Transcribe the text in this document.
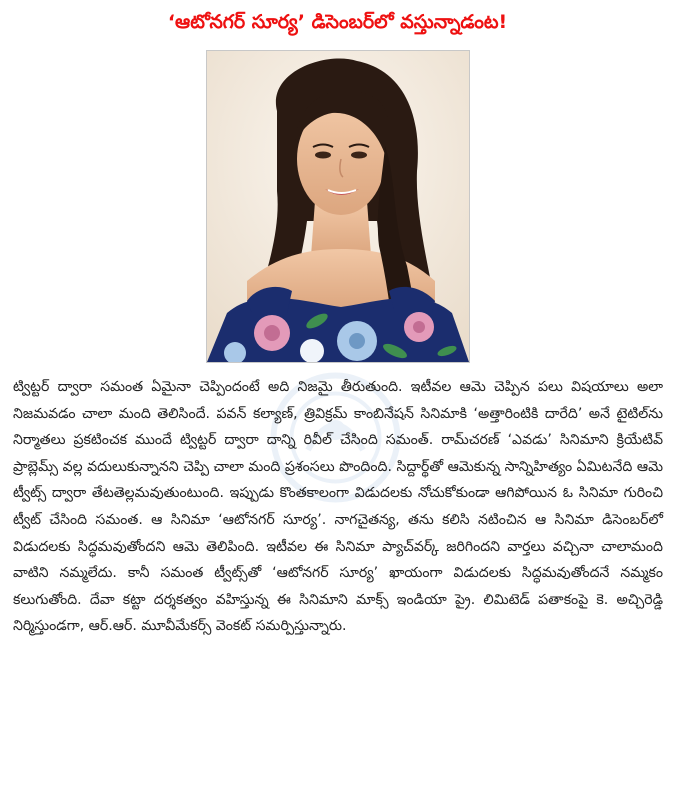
‘ఆటోనగర్ సూర్య’ డిసెంబర్‌లో వస్తున్నాడంట!

ట్విట్టర్ ద్వారా సమంత ఏమైనా చెప్పిందంటే అది నిజమై తీరుతుంది. ఇటీవల ఆమె చెప్పిన పలు విషయాలు అలా నిజమవడం చాలా మంది తెలిసిందే. పవన్ కల్యాణ్, త్రివిక్రమ్ కాంబినేషన్ సినిమాకి ‘అత్తారింటికి దారేది’ అనే టైటిల్‌ను నిర్మాతలు ప్రకటించక ముందే ట్విట్టర్ ద్వారా దాన్ని రివీల్ చేసింది సమంత్. రామ్‌చరణ్ ‘ఎవడు’ సినిమాని క్రియేటివ్ ప్రాబ్లెమ్స్ వల్ల వదులుకున్నానని చెప్పి చాలా మంది ప్రశంసలు పొందింది. సిద్దార్థ్‌తో ఆమెకున్న సాన్నిహిత్యం ఏమిటనేది ఆమె ట్వీట్స్ ద్వారా తేటతెల్లమవుతుంటుంది. ఇప్పుడు కొంతకాలంగా విడుదలకు నోచుకోకుండా ఆగిపోయిన ఓ సినిమా గురించి ట్వీట్ చేసింది సమంత. ఆ సినిమా ‘ఆటోనగర్ సూర్య’. నాగచైతన్య, తను కలిసి నటించిన ఆ సినిమా డిసెంబర్‌లో విడుదలకు సిద్ధమవుతోందని ఆమె తెలిపింది. ఇటీవల ఈ సినిమా ప్యాచ్‌వర్క్ జరిగిందని వార్తలు వచ్చినా చాలామంది వాటిని నమ్మలేదు. కానీ సమంత ట్వీట్స్‌తో ‘ఆటోనగర్ సూర్య’ ఖాయంగా విడుదలకు సిద్ధమవుతోందనే నమ్మకం కలుగుతోంది. దేవా కట్టా దర్శకత్వం వహిస్తున్న ఈ సినిమాని మాక్స్ ఇండియా ప్రై. లిమిటెడ్ పతాకంపై కె. అచ్చిరెడ్డి నిర్మిస్తుండగా, ఆర్.ఆర్. మూవీమేకర్స్ వెంకట్ సమర్పిస్తున్నారు.
